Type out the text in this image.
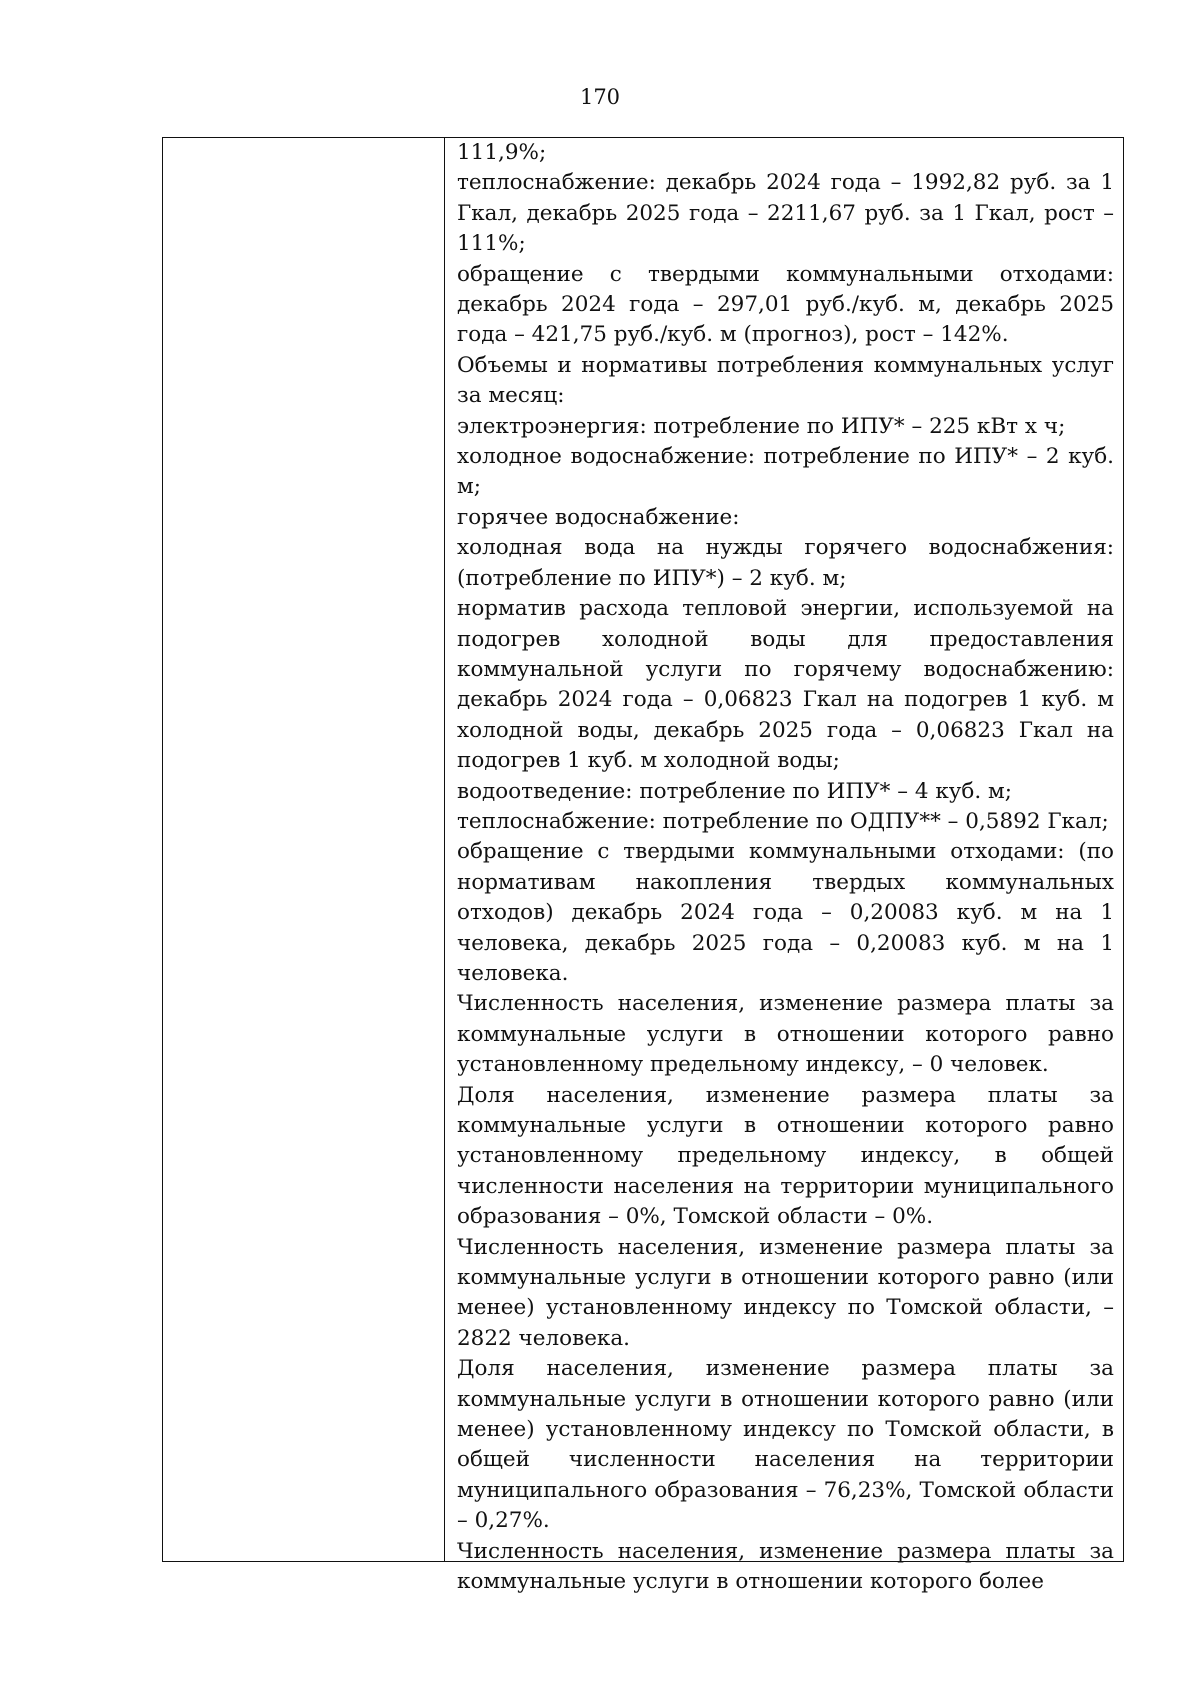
170

111,9%;

теплоснабжение: декабрь 2024 года – 1992,82 руб. за 1 Гкал, декабрь 2025 года – 2211,67 руб. за 1 Гкал, рост – 111%;

обращение с твердыми коммунальными отходами: декабрь 2024 года – 297,01 руб./куб. м, декабрь 2025 года – 421,75 руб./куб. м (прогноз), рост – 142%.

Объемы и нормативы потребления коммунальных услуг за месяц:

электроэнергия: потребление по ИПУ* – 225 кВт х ч;

холодное водоснабжение: потребление по ИПУ* – 2 куб. м;

горячее водоснабжение:

холодная вода на нужды горячего водоснабжения: (потребление по ИПУ*) – 2 куб. м;

норматив расхода тепловой энергии, используемой на подогрев холодной воды для предоставления коммунальной услуги по горячему водоснабжению: декабрь 2024 года – 0,06823 Гкал на подогрев 1 куб. м холодной воды, декабрь 2025 года – 0,06823 Гкал на подогрев 1 куб. м холодной воды;

водоотведение: потребление по ИПУ* – 4 куб. м;

теплоснабжение: потребление по ОДПУ** – 0,5892 Гкал;

обращение с твердыми коммунальными отходами: (по нормативам накопления твердых коммунальных отходов) декабрь 2024 года – 0,20083 куб. м на 1 человека, декабрь 2025 года – 0,20083 куб. м на 1 человека.

Численность населения, изменение размера платы за коммунальные услуги в отношении которого равно установленному предельному индексу, – 0 человек.

Доля населения, изменение размера платы за коммунальные услуги в отношении которого равно установленному предельному индексу, в общей численности населения на территории муниципального образования – 0%, Томской области – 0%.

Численность населения, изменение размера платы за коммунальные услуги в отношении которого равно (или менее) установленному индексу по Томской области, – 2822 человека.

Доля населения, изменение размера платы за коммунальные услуги в отношении которого равно (или менее) установленному индексу по Томской области, в общей численности населения на территории муниципального образования – 76,23%, Томской области – 0,27%.

Численность населения, изменение размера платы за коммунальные услуги в отношении которого более
